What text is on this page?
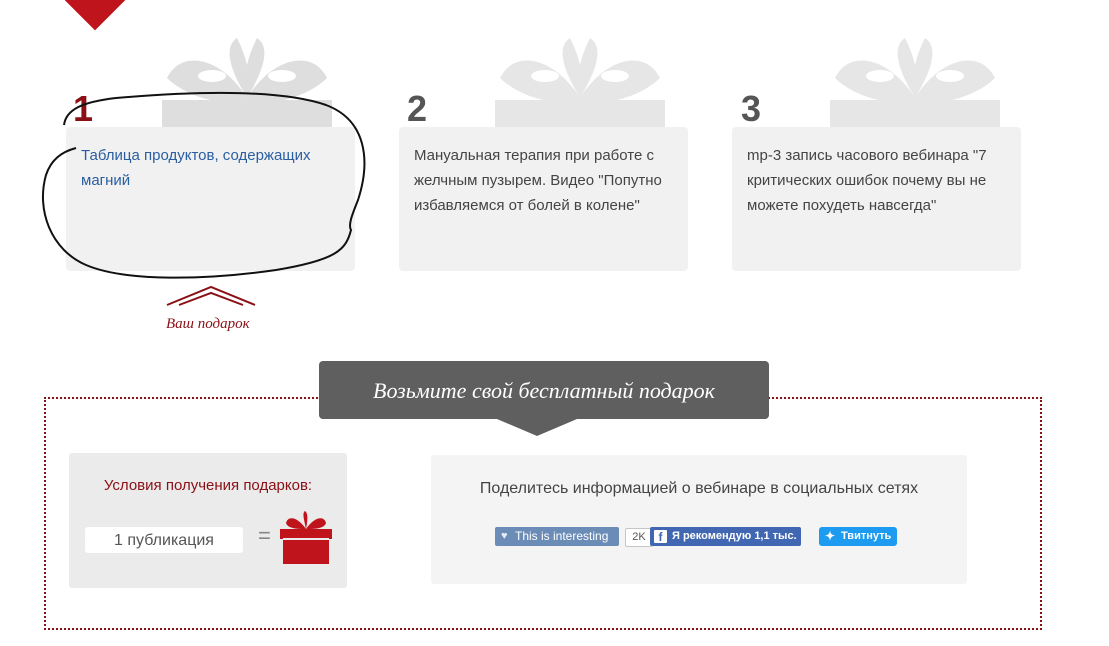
1	2	3
Таблица продуктов, содержащих магний
Мануальная терапия при работе с желчным пузырем. Видео "Попутно избавляемся от болей в колене"
mp-3 запись часового вебинара "7 критических ошибок почему вы не можете похудеть навсегда"
Ваш подарок
Возьмите свой бесплатный подарок
Условия получения подарков:
1 публикация	=
Поделитесь информацией о вебинаре в социальных сетях
♥ This is interesting	2K	f Я рекомендую 1,1 тыс.	✦ Твитнуть
